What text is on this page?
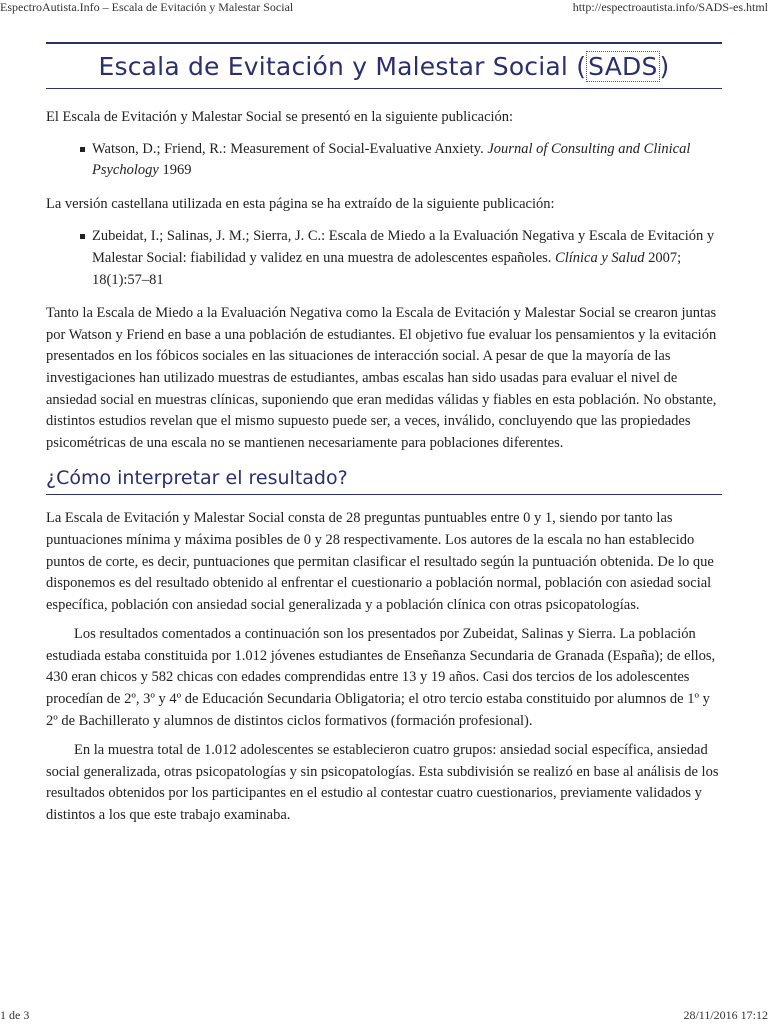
EspectroAutista.Info – Escala de Evitación y Malestar Social	http://espectroautista.info/SADS-es.html
Escala de Evitación y Malestar Social (SADS)

El Escala de Evitación y Malestar Social se presentó en la siguiente publicación:

Watson, D.; Friend, R.: Measurement of Social-Evaluative Anxiety. Journal of Consulting and Clinical Psychology 1969

La versión castellana utilizada en esta página se ha extraído de la siguiente publicación:

Zubeidat, I.; Salinas, J. M.; Sierra, J. C.: Escala de Miedo a la Evaluación Negativa y Escala de Evitación y Malestar Social: fiabilidad y validez en una muestra de adolescentes españoles. Clínica y Salud 2007; 18(1):57–81

Tanto la Escala de Miedo a la Evaluación Negativa como la Escala de Evitación y Malestar Social se crearon juntas por Watson y Friend en base a una población de estudiantes. El objetivo fue evaluar los pensamientos y la evitación presentados en los fóbicos sociales en las situaciones de interacción social. A pesar de que la mayoría de las investigaciones han utilizado muestras de estudiantes, ambas escalas han sido usadas para evaluar el nivel de ansiedad social en muestras clínicas, suponiendo que eran medidas válidas y fiables en esta población. No obstante, distintos estudios revelan que el mismo supuesto puede ser, a veces, inválido, concluyendo que las propiedades psicométricas de una escala no se mantienen necesariamente para poblaciones diferentes.

¿Cómo interpretar el resultado?

La Escala de Evitación y Malestar Social consta de 28 preguntas puntuables entre 0 y 1, siendo por tanto las puntuaciones mínima y máxima posibles de 0 y 28 respectivamente. Los autores de la escala no han establecido puntos de corte, es decir, puntuaciones que permitan clasificar el resultado según la puntuación obtenida. De lo que disponemos es del resultado obtenido al enfrentar el cuestionario a población normal, población con asiedad social específica, población con ansiedad social generalizada y a población clínica con otras psicopatologías.

Los resultados comentados a continuación son los presentados por Zubeidat, Salinas y Sierra. La población estudiada estaba constituida por 1.012 jóvenes estudiantes de Enseñanza Secundaria de Granada (España); de ellos, 430 eran chicos y 582 chicas con edades comprendidas entre 13 y 19 años. Casi dos tercios de los adolescentes procedían de 2º, 3º y 4º de Educación Secundaria Obligatoria; el otro tercio estaba constituido por alumnos de 1º y 2º de Bachillerato y alumnos de distintos ciclos formativos (formación profesional).

En la muestra total de 1.012 adolescentes se establecieron cuatro grupos: ansiedad social específica, ansiedad social generalizada, otras psicopatologías y sin psicopatologías. Esta subdivisión se realizó en base al análisis de los resultados obtenidos por los participantes en el estudio al contestar cuatro cuestionarios, previamente validados y distintos a los que este trabajo examinaba.

1 de 3	28/11/2016 17:12
